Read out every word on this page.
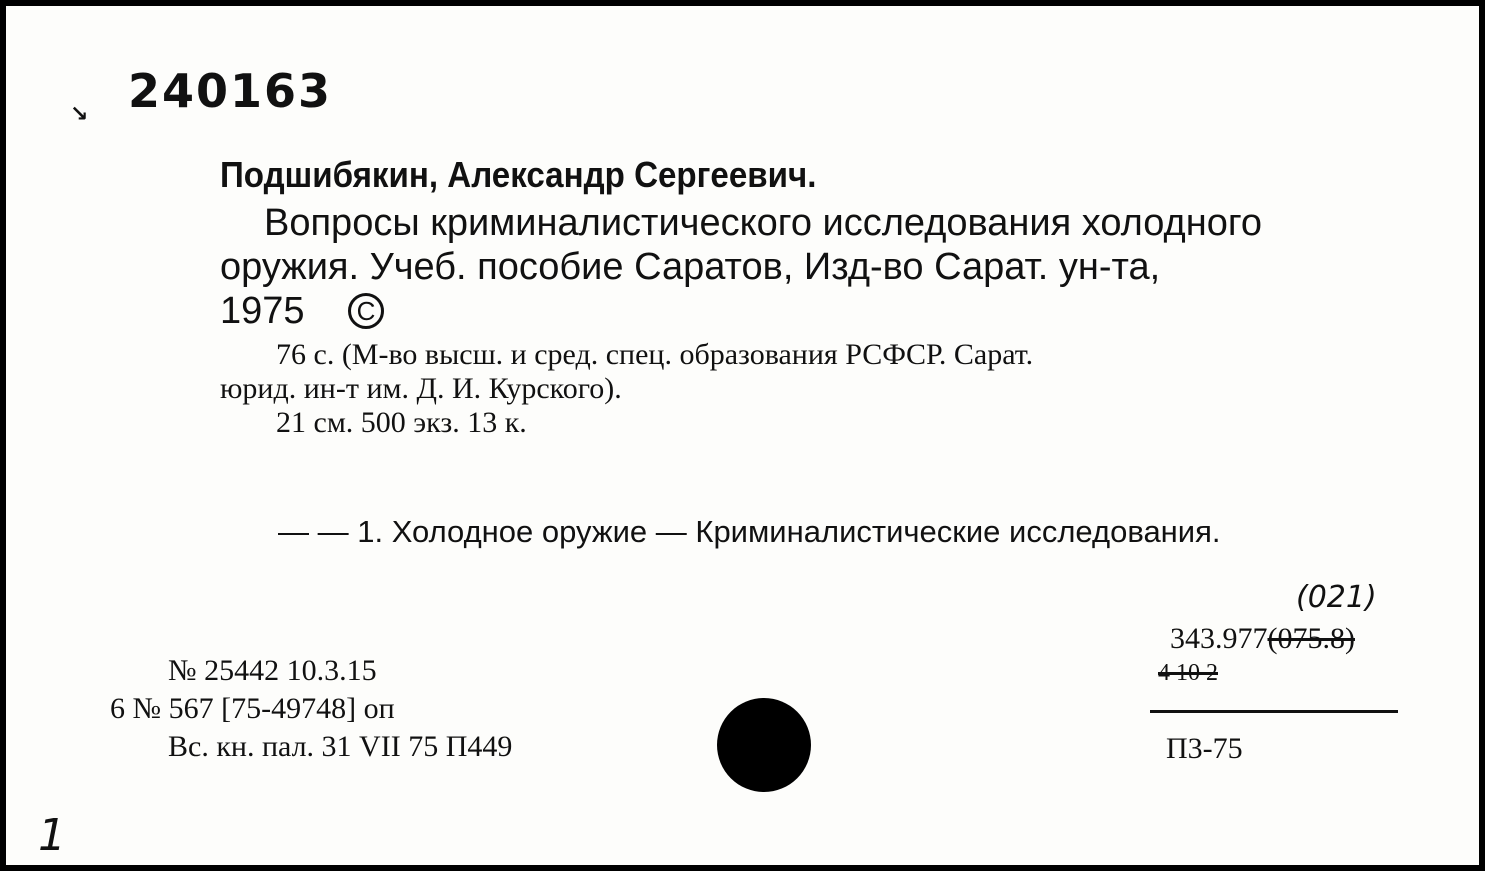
↘ 240163
Подшибякин, Александр Сергеевич.
Вопросы криминалистического исследования холодного
оружия. Учеб. пособие Саратов, Изд-во Сарат. ун-та,
1975	C
76 с. (М-во высш. и сред. спец. образования РСФСР. Сарат.
юрид. ин-т им. Д. И. Курского).
21 см. 500 экз. 13 к.
— — 1. Холодное оружие — Криминалистические исследования.
№ 25442 10.3.15
6 № 567 [75-49748] оп
Вс. кн. пал. 31 VII 75 П449
(021)
343.977(075.8)
4 10 2
П3-75
1
